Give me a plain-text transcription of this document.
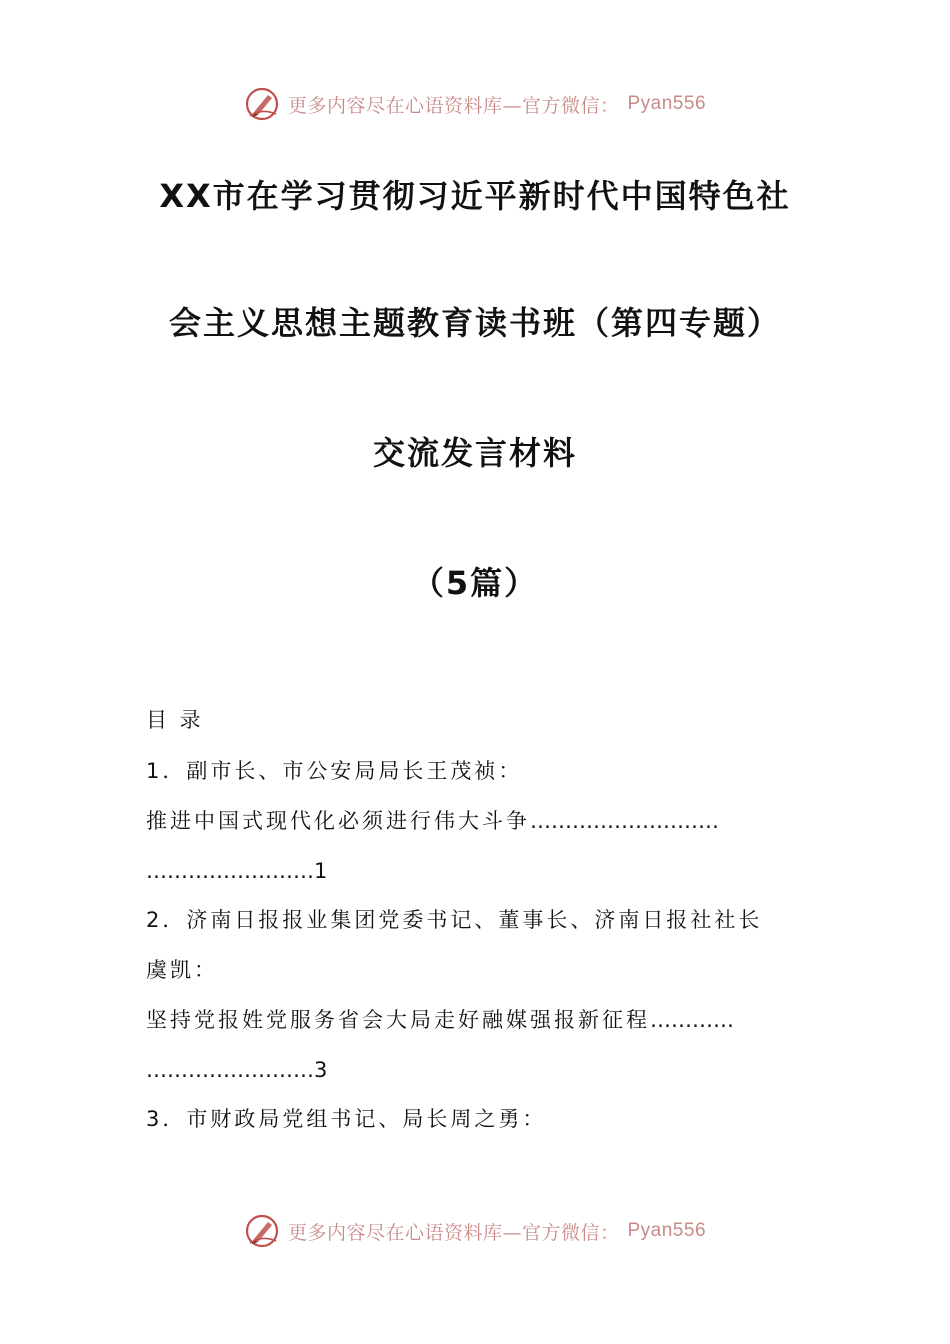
更多内容尽在心语资料库—官方微信： Pyan556
XX市在学习贯彻习近平新时代中国特色社
会主义思想主题教育读书班（第四专题）
交流发言材料
（5篇）
目 录
1．副市长、市公安局局长王茂祯：
推进中国式现代化必须进行伟大斗争………………………
……………………1
2．济南日报报业集团党委书记、董事长、济南日报社社长
虞凯：
坚持党报姓党服务省会大局走好融媒强报新征程…………
……………………3
3．市财政局党组书记、局长周之勇：
更多内容尽在心语资料库—官方微信： Pyan556
